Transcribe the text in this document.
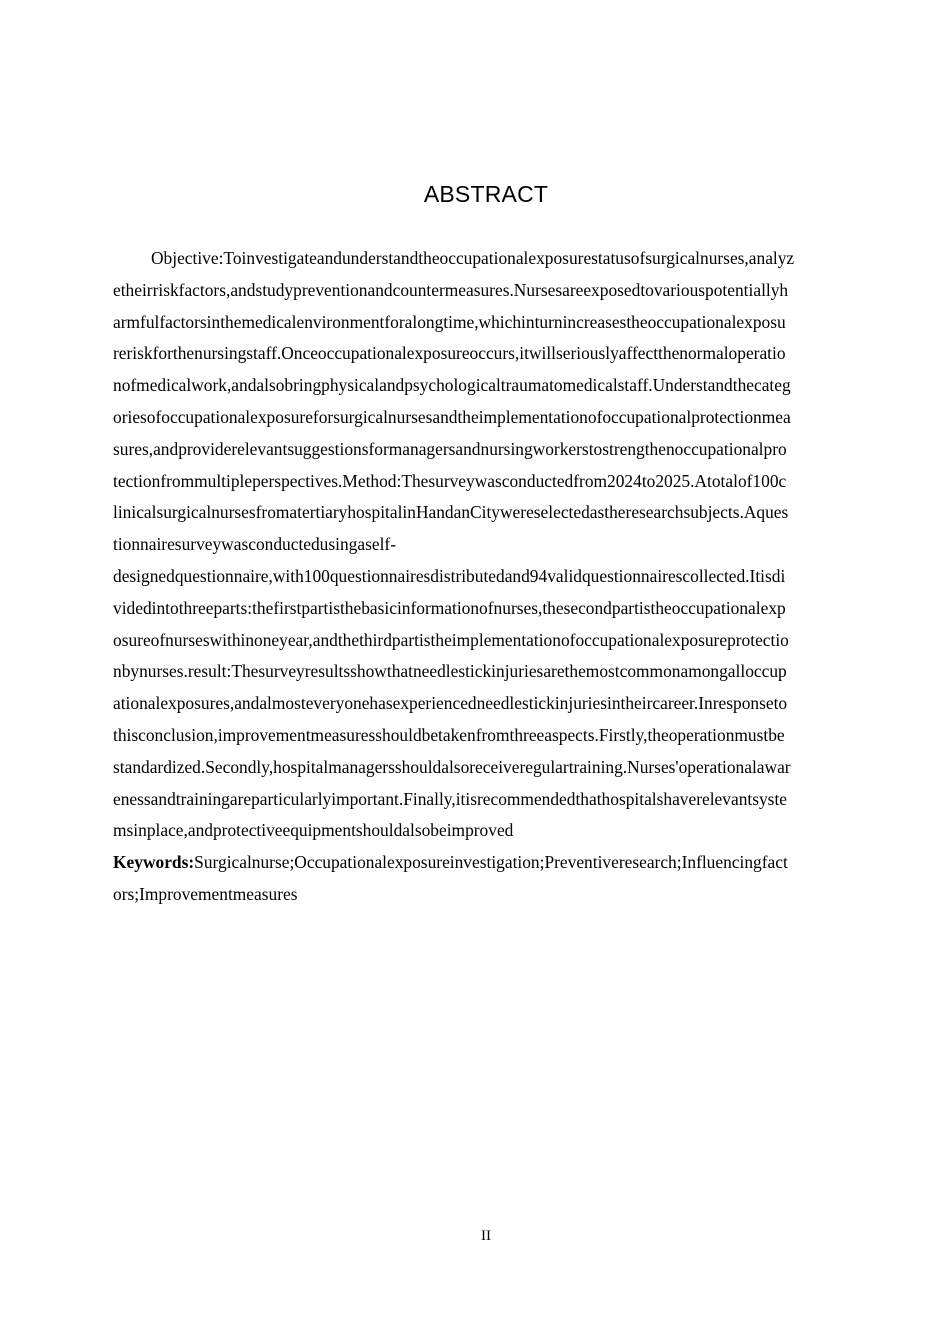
ABSTRACT
Objective:Toinvestigateandunderstandtheoccupationalexposurestatusofsurgicalnurses,analyz
etheirriskfactors,andstudypreventionandcountermeasures.Nursesareexposedtovariouspotentiallyh
armfulfactorsinthemedicalenvironmentforalongtime,whichinturnincreasestheoccupationalexposu
reriskforthenursingstaff.Onceoccupationalexposureoccurs,itwillseriouslyaffectthenormaloperatio
nofmedicalwork,andalsobringphysicalandpsychologicaltraumatomedicalstaff.Understandthecateg
oriesofoccupationalexposureforsurgicalnursesandtheimplementationofoccupationalprotectionmea
sures,andproviderelevantsuggestionsformanagersandnursingworkerstostrengthenoccupationalpro
tectionfrommultipleperspectives.Method:Thesurveywasconductedfrom2024to2025.Atotalof100c
linicalsurgicalnursesfromatertiaryhospitalinHandanCitywereselectedastheresearchsubjects.Aques
tionnairesurveywasconductedusingaself-
designedquestionnaire,with100questionnairesdistributedand94validquestionnairescollected.Itisdi
videdintothreeparts:thefirstpartisthebasicinformationofnurses,thesecondpartistheoccupationalexp
osureofnurseswithinoneyear,andthethirdpartistheimplementationofoccupationalexposureprotectio
nbynurses.result:Thesurveyresultsshowthatneedlestickinjuriesarethemostcommonamongalloccup
ationalexposures,andalmosteveryonehasexperiencedneedlestickinjuriesintheircareer.Inresponseto
thisconclusion,improvementmeasuresshouldbetakenfromthreeaspects.Firstly,theoperationmustbe
standardized.Secondly,hospitalmanagersshouldalsoreceiveregulartraining.Nurses'operationalawar
enessandtrainingareparticularlyimportant.Finally,itisrecommendedthathospitalshaverelevantsyste
msinplace,andprotectiveequipmentshouldalsobeimproved
Keywords:Surgicalnurse;Occupationalexposureinvestigation;Preventiveresearch;Influencingfact
ors;Improvementmeasures
II
